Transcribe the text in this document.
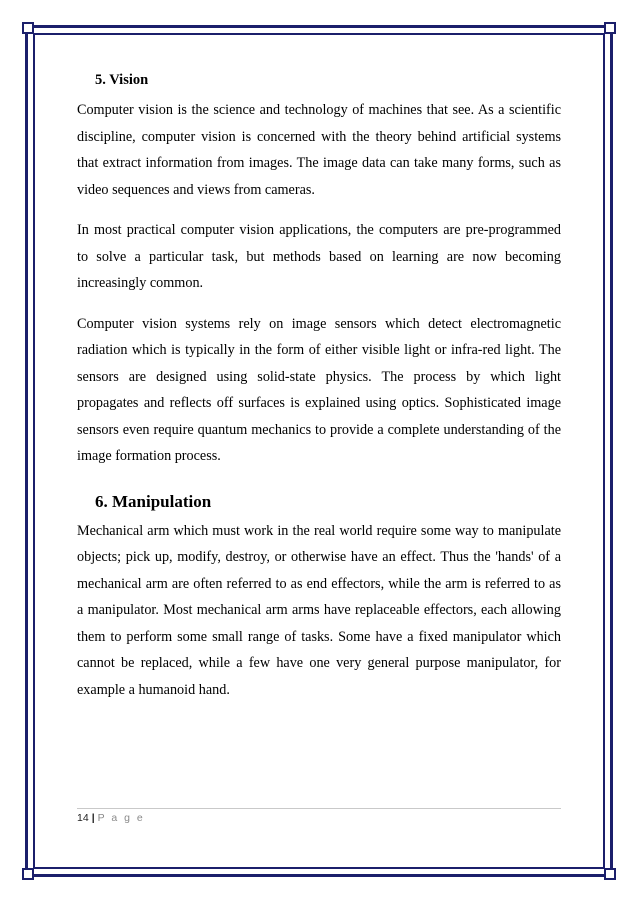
5. Vision

Computer vision is the science and technology of machines that see. As a scientific discipline, computer vision is concerned with the theory behind artificial systems that extract information from images. The image data can take many forms, such as video sequences and views from cameras.

In most practical computer vision applications, the computers are pre-programmed to solve a particular task, but methods based on learning are now becoming increasingly common.

Computer vision systems rely on image sensors which detect electromagnetic radiation which is typically in the form of either visible light or infra-red light. The sensors are designed using solid-state physics. The process by which light propagates and reflects off surfaces is explained using optics. Sophisticated image sensors even require quantum mechanics to provide a complete understanding of the image formation process.

6. Manipulation

Mechanical arm which must work in the real world require some way to manipulate objects; pick up, modify, destroy, or otherwise have an effect. Thus the 'hands' of a mechanical arm are often referred to as end effectors, while the arm is referred to as a manipulator. Most mechanical arm arms have replaceable effectors, each allowing them to perform some small range of tasks. Some have a fixed manipulator which cannot be replaced, while a few have one very general purpose manipulator, for example a humanoid hand.

14 | P a g e
